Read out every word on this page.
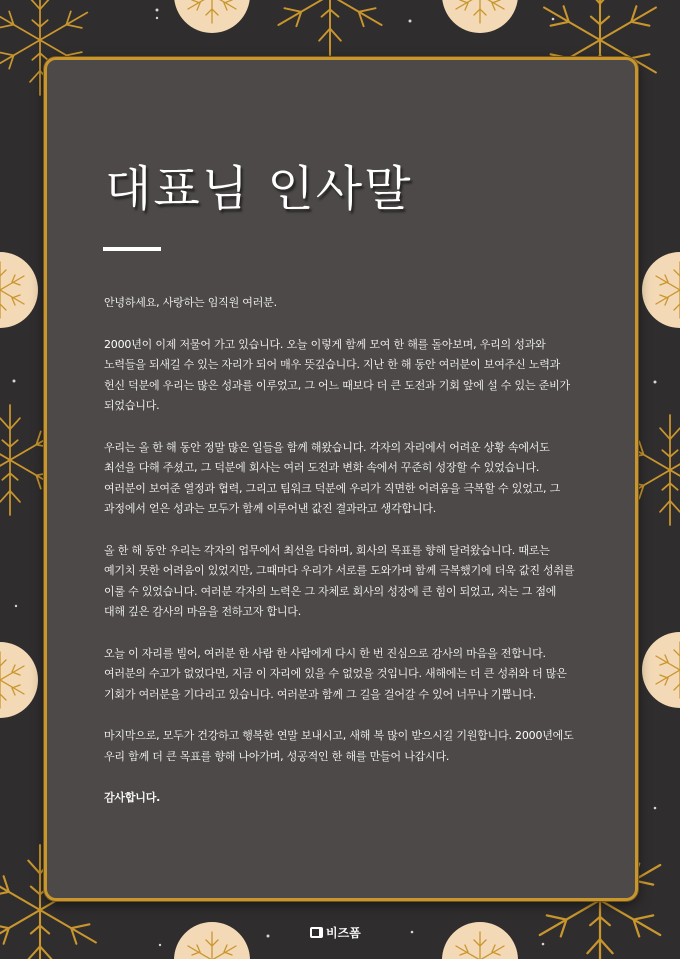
대표님 인사말

안녕하세요, 사랑하는 임직원 여러분.

2000년이 이제 저물어 가고 있습니다. 오늘 이렇게 함께 모여 한 해를 돌아보며, 우리의 성과와 노력들을 되새길 수 있는 자리가 되어 매우 뜻깊습니다. 지난 한 해 동안 여러분이 보여주신 노력과 헌신 덕분에 우리는 많은 성과를 이루었고, 그 어느 때보다 더 큰 도전과 기회 앞에 설 수 있는 준비가 되었습니다.

우리는 올 한 해 동안 정말 많은 일들을 함께 해왔습니다. 각자의 자리에서 어려운 상황 속에서도 최선을 다해 주셨고, 그 덕분에 회사는 여러 도전과 변화 속에서 꾸준히 성장할 수 있었습니다. 여러분이 보여준 열정과 협력, 그리고 팀워크 덕분에 우리가 직면한 어려움을 극복할 수 있었고, 그 과정에서 얻은 성과는 모두가 함께 이루어낸 값진 결과라고 생각합니다.

올 한 해 동안 우리는 각자의 업무에서 최선을 다하며, 회사의 목표를 향해 달려왔습니다. 때로는 예기치 못한 어려움이 있었지만, 그때마다 우리가 서로를 도와가며 함께 극복했기에 더욱 값진 성취를 이룰 수 있었습니다. 여러분 각자의 노력은 그 자체로 회사의 성장에 큰 힘이 되었고, 저는 그 점에 대해 깊은 감사의 마음을 전하고자 합니다.

오늘 이 자리를 빌어, 여러분 한 사람 한 사람에게 다시 한 번 진심으로 감사의 마음을 전합니다. 여러분의 수고가 없었다면, 지금 이 자리에 있을 수 없었을 것입니다. 새해에는 더 큰 성취와 더 많은 기회가 여러분을 기다리고 있습니다. 여러분과 함께 그 길을 걸어갈 수 있어 너무나 기쁩니다.

마지막으로, 모두가 건강하고 행복한 연말 보내시고, 새해 복 많이 받으시길 기원합니다. 2000년에도 우리 함께 더 큰 목표를 향해 나아가며, 성공적인 한 해를 만들어 나갑시다.

감사합니다.

비즈폼
